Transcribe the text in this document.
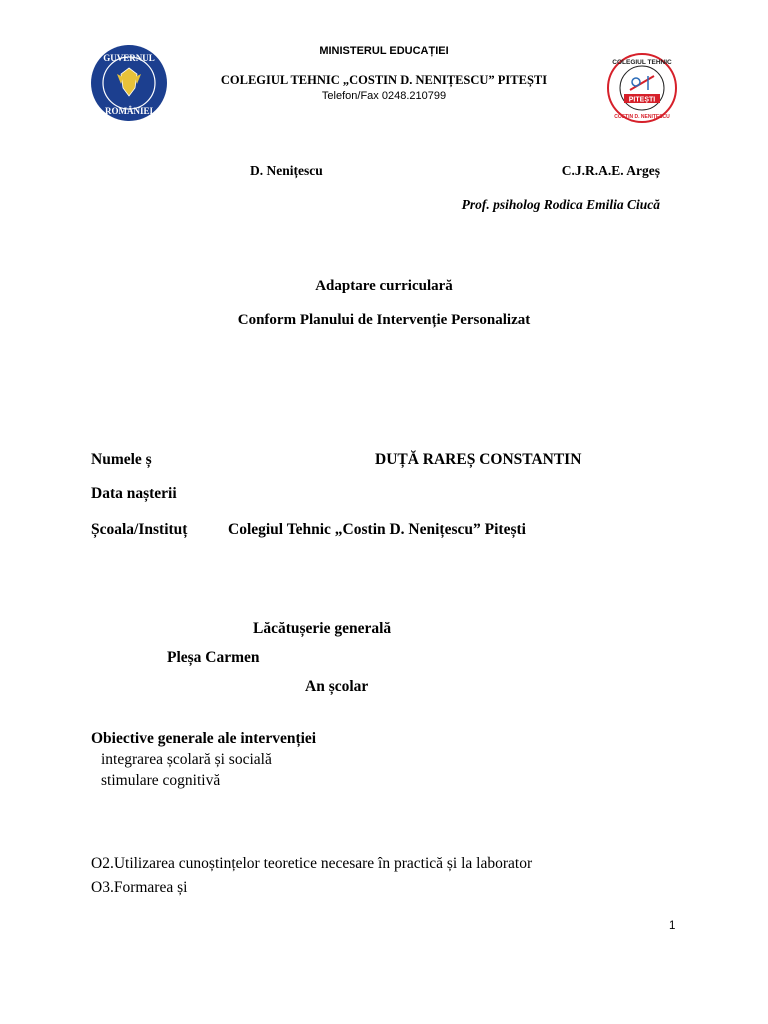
GUVERNUL
ROMÂNIEI
MINISTERUL EDUCAȚIEI
COLEGIUL TEHNIC „COSTIN D. NENIȚESCU” PITEȘTI
Telefon/Fax 0248.210799
COLEGIUL TEHNIC
PITEȘTI
COSTIN D. NENIȚESCU
D. Nenițescu	C.J.R.A.E. Argeș
Prof. psiholog Rodica Emilia Ciucă
Adaptare curriculară
Conform Planului de Intervenție Personalizat
Numele ș	DUȚĂ RAREȘ CONSTANTIN
Data nașterii
Școala/Instituț	Colegiul Tehnic „Costin D. Nenițescu” Pitești
Lăcătușerie generală
Pleșa Carmen
An școlar
Obiective generale ale intervenției
integrarea școlară și socială
stimulare cognitivă
O2.Utilizarea cunoștințelor teoretice necesare în practică și la laborator
O3.Formarea și
1
